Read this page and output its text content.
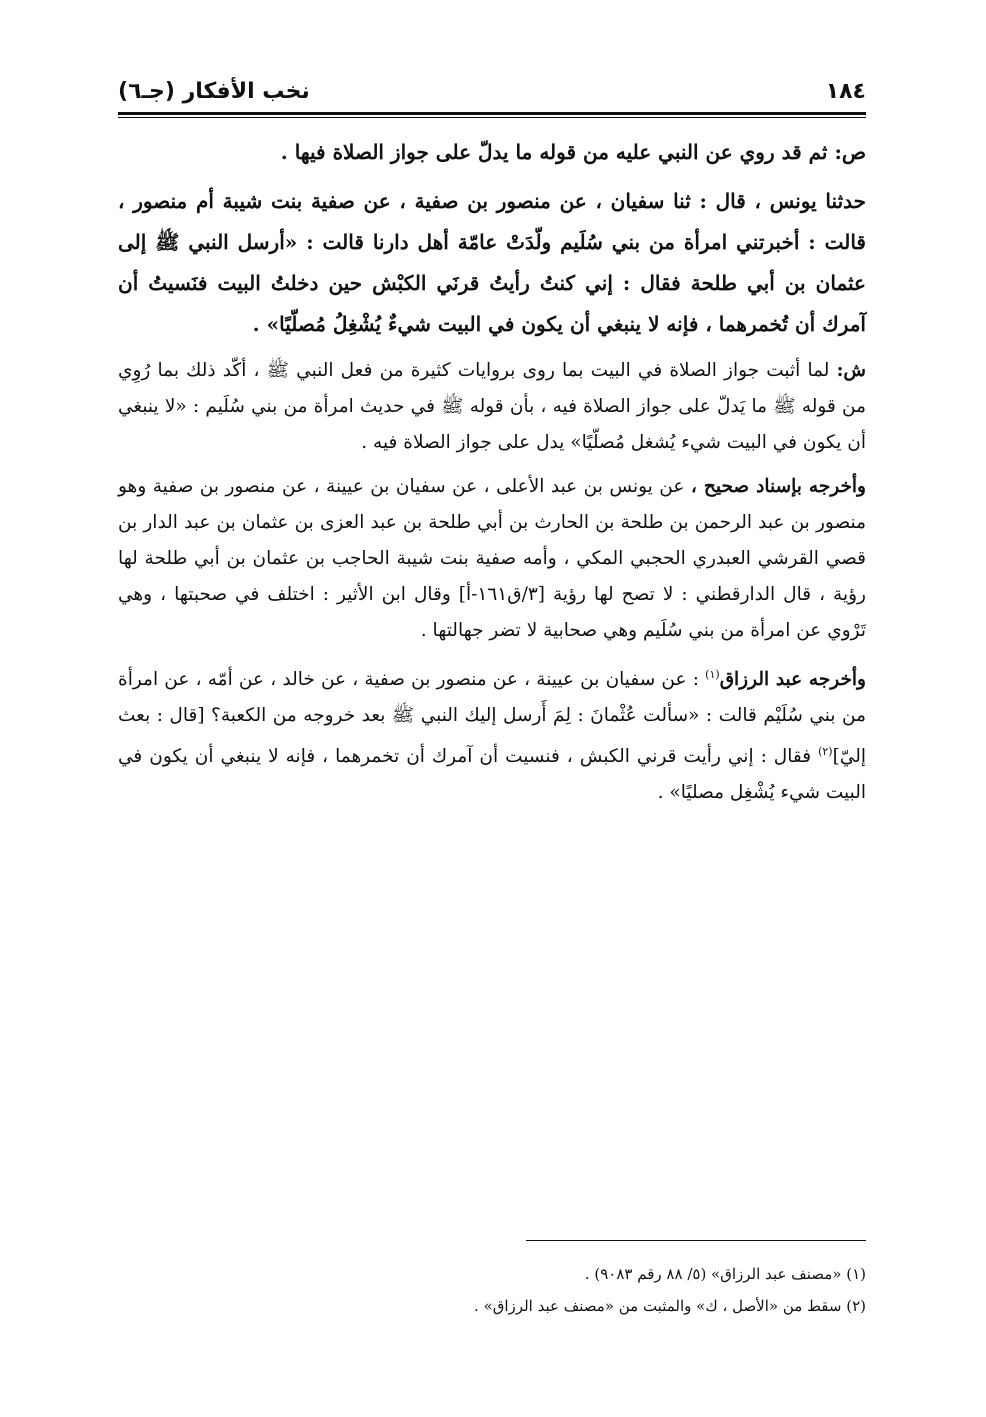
١٨٤
نخب الأفكار (جـ٦)

ص: ثم قد روي عن النبي عليه من قوله ما يدلّ على جواز الصلاة فيها .

حدثنا يونس ، قال : ثنا سفيان ، عن منصور بن صفية ، عن صفية بنت شيبة أم منصور ، قالت : أخبرتني امرأة من بني سُلَيم ولّدَتْ عامّة أهل دارنا قالت : «أرسل النبي ﷺ إلى عثمان بن أبي طلحة فقال : إني كنتُ رأيتُ قرنَي الكبْش حين دخلتُ البيت فنَسيتُ أن آمرك أن تُخمرهما ، فإنه لا ينبغي أن يكون في البيت شيءٌ يُشْغِلُ مُصلّيًا» .

ش: لما أثبت جواز الصلاة في البيت بما روى بروايات كثيرة من فعل النبي ﷺ ، أكّد ذلك بما رُوِي من قوله ﷺ ما يَدلّ على جواز الصلاة فيه ، بأن قوله ﷺ في حديث امرأة من بني سُلَيم : «لا ينبغي أن يكون في البيت شيء يُشغل مُصلّيًا» يدل على جواز الصلاة فيه .

وأخرجه بإسناد صحيح ، عن يونس بن عبد الأعلى ، عن سفيان بن عيينة ، عن منصور بن صفية وهو منصور بن عبد الرحمن بن طلحة بن الحارث بن أبي طلحة بن عبد العزى بن عثمان بن عبد الدار بن قصي القرشي العبدري الحجبي المكي ، وأمه صفية بنت شيبة الحاجب بن عثمان بن أبي طلحة لها رؤية ، قال الدارقطني : لا تصح لها رؤية [٣/ق١٦١-أ] وقال ابن الأثير : اختلف في صحبتها ، وهي تَرْوي عن امرأة من بني سُلَيم وهي صحابية لا تضر جهالتها .

وأخرجه عبد الرزاق$^{(١)}$ : عن سفيان بن عيينة ، عن منصور بن صفية ، عن خالد ، عن أمّه ، عن امرأة من بني سُلَيْم قالت : «سألت عُثْمانَ : لِمَ أَرسل إليك النبي ﷺ بعد خروجه من الكعبة؟ [قال : بعث إليّ]$^{(٢)}$ فقال : إني رأيت قرني الكبش ، فنسيت أن آمرك أن تخمرهما ، فإنه لا ينبغي أن يكون في البيت شيء يُشْغِل مصليًا» .

(١) «مصنف عبد الرزاق» (٥/ ٨٨ رقم ٩٠٨٣) .

(٢) سقط من «الأصل ، ك» والمثبت من «مصنف عبد الرزاق» .
